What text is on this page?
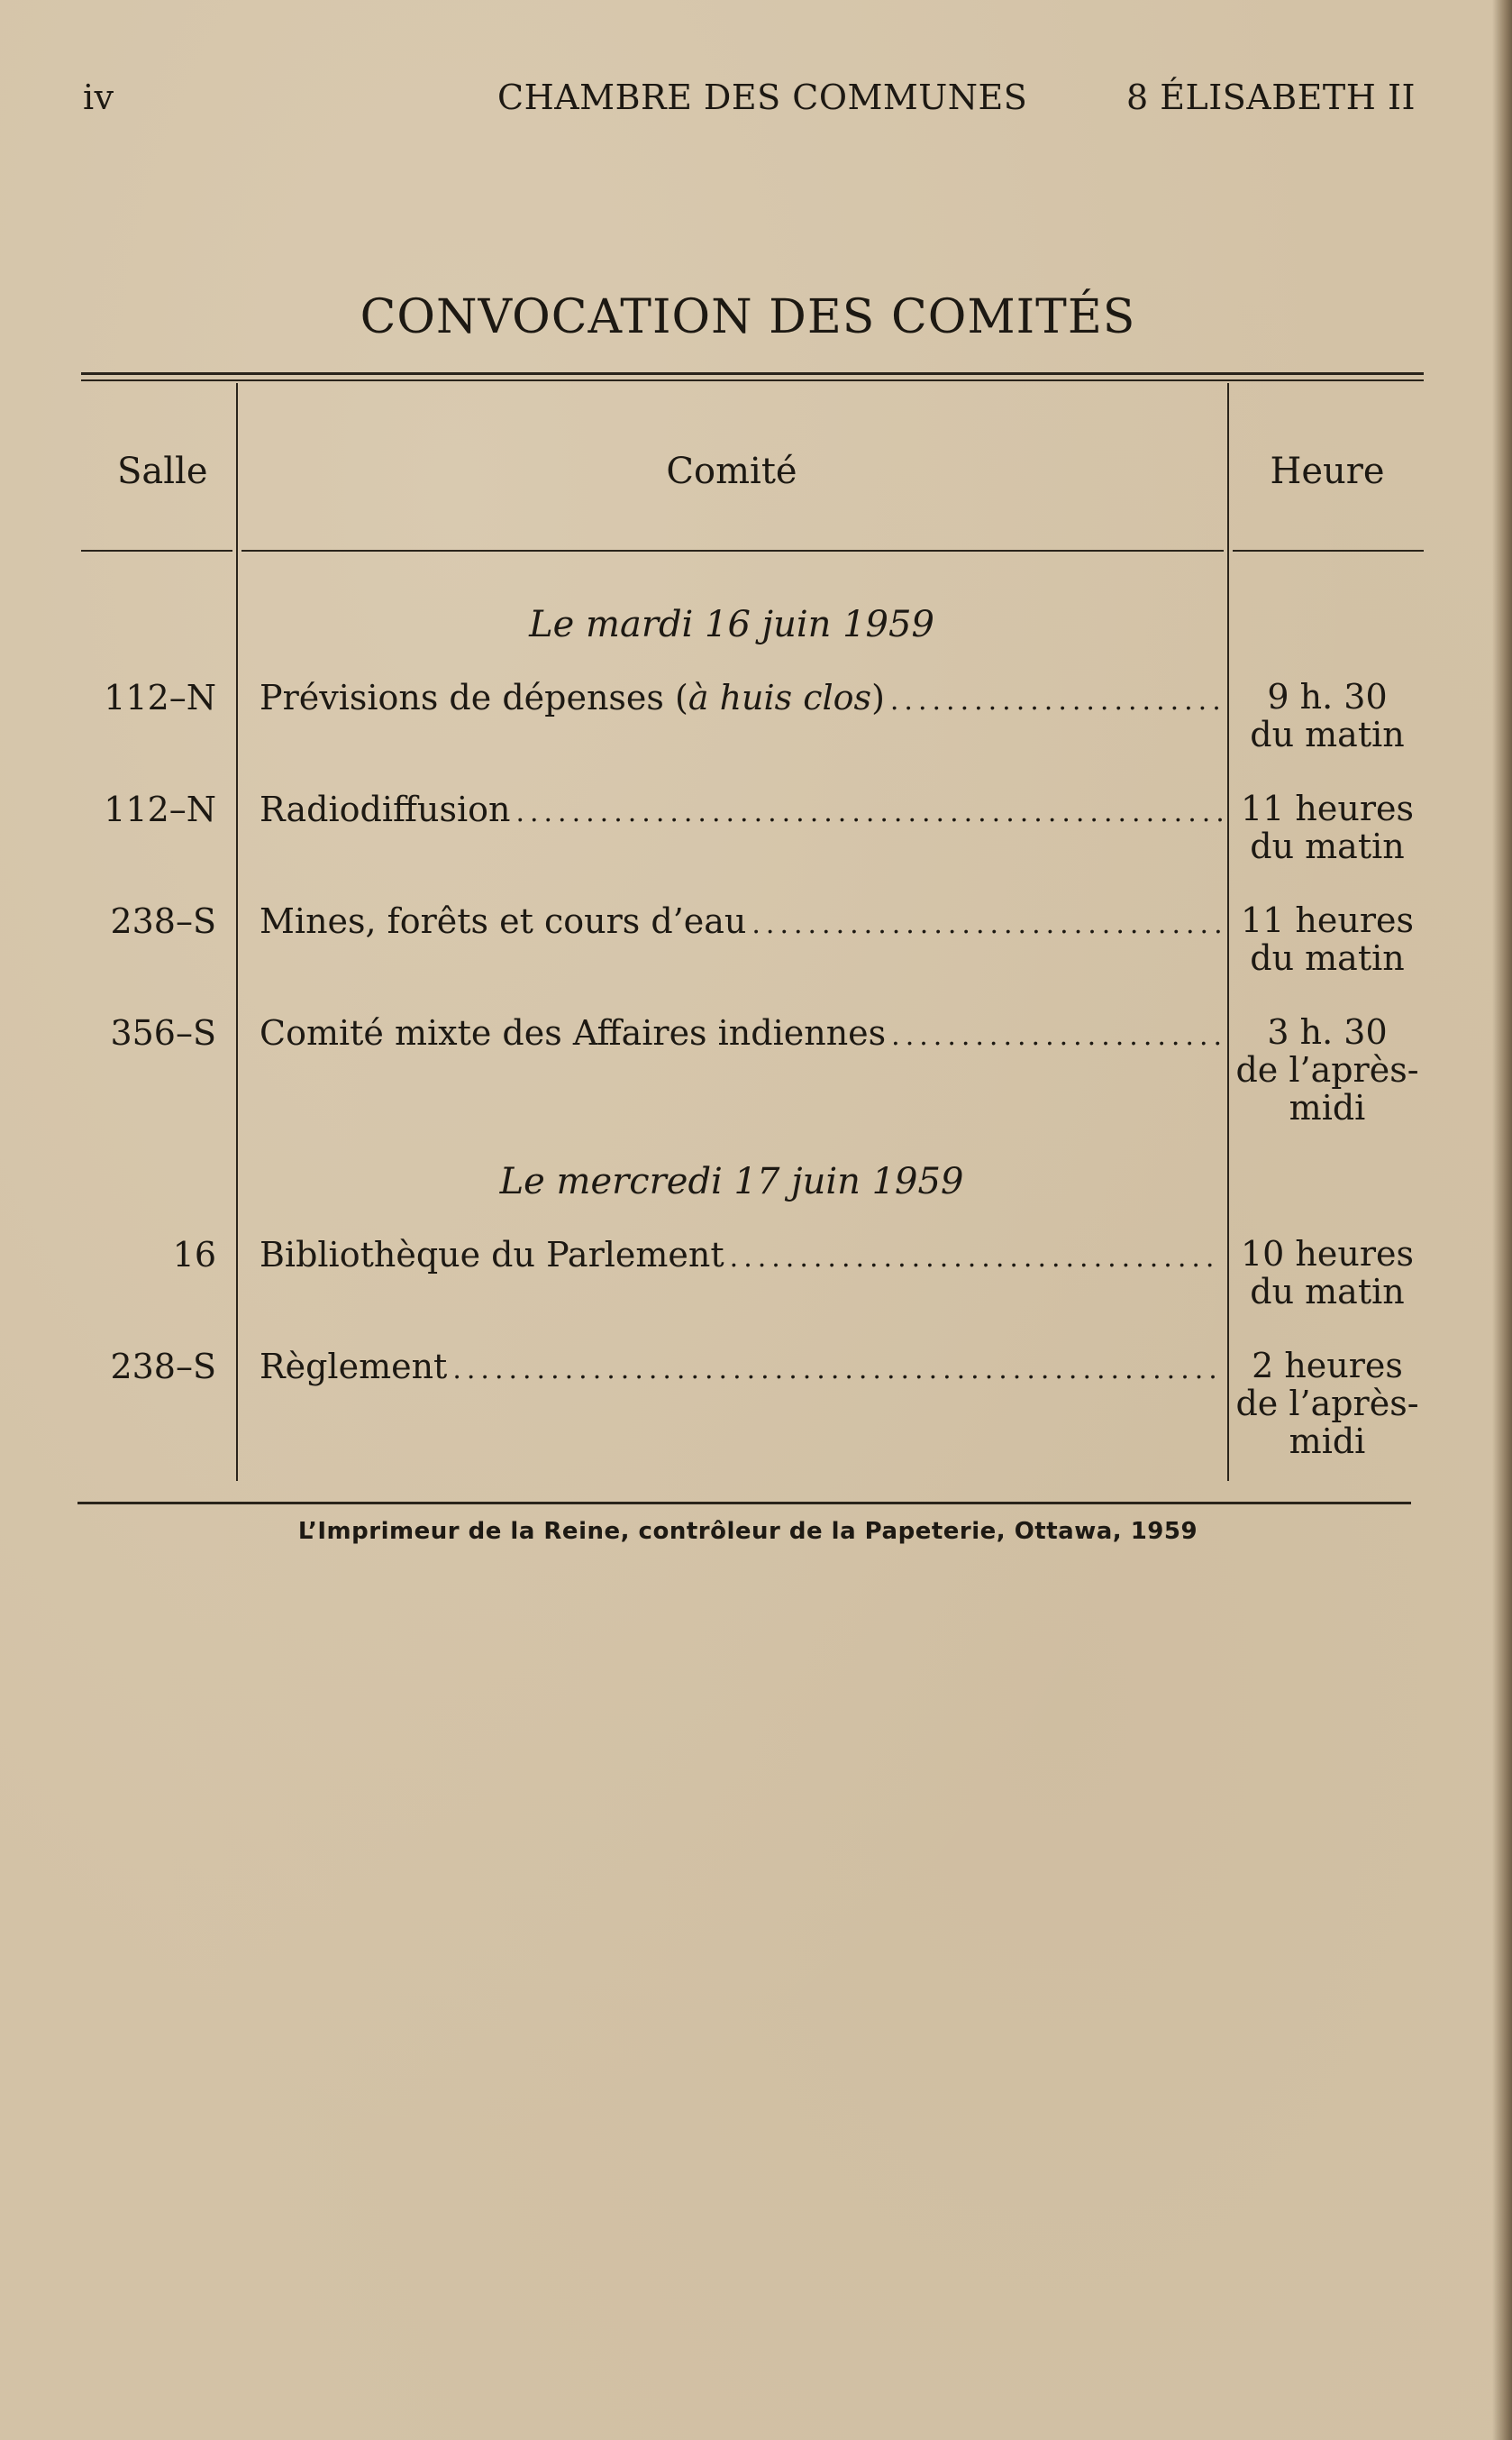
iv	CHAMBRE DES COMMUNES	8 ÉLISABETH II
CONVOCATION DES COMITÉS
Salle	Comité	Heure
Le mardi 16 juin 1959
112–N Prévisions de dépenses ( à huis clos ) .....	9 h. 30
du matin
112–N Radiodiffusion .....	11 heures
du matin
238–S Mines, forêts et cours d’eau .....	11 heures
du matin
356–S Comité mixte des Affaires indiennes .....	3 h. 30
de l’après-
midi
Le mercredi 17 juin 1959
16 Bibliothèque du Parlement .....	10 heures
du matin
238–S Règlement .....	2 heures
de l’après-
midi
L’Imprimeur de la Reine, contrôleur de la Papeterie, Ottawa, 1959
